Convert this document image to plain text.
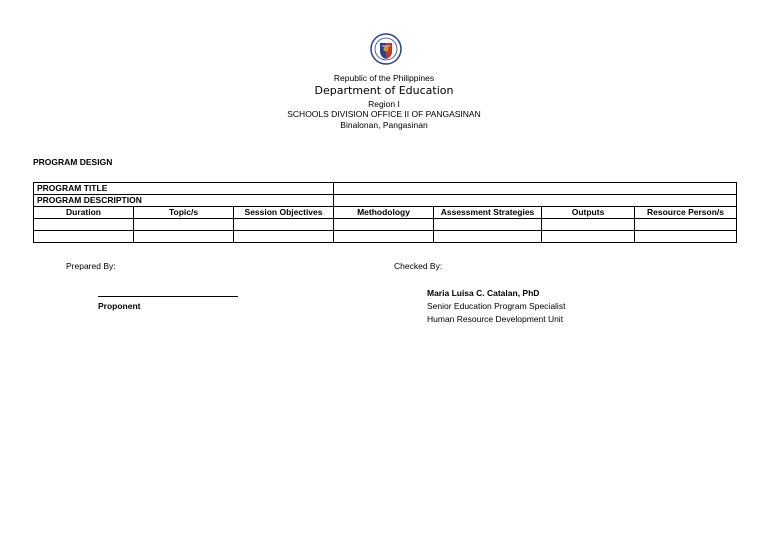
Republic of the Philippines
Department of Education
Region I
SCHOOLS DIVISION OFFICE II OF PANGASINAN
Binalonan, Pangasinan
PROGRAM DESIGN
PROGRAM TITLE						
PROGRAM DESCRIPTION						
Duration	Topic/s	Session Objectives	Methodology	Assessment Strategies	Outputs	Resource Person/s

Prepared By:
Proponent
Checked By:
Maria Luisa C. Catalan, PhD
Senior Education Program Specialist
Human Resource Development Unit
